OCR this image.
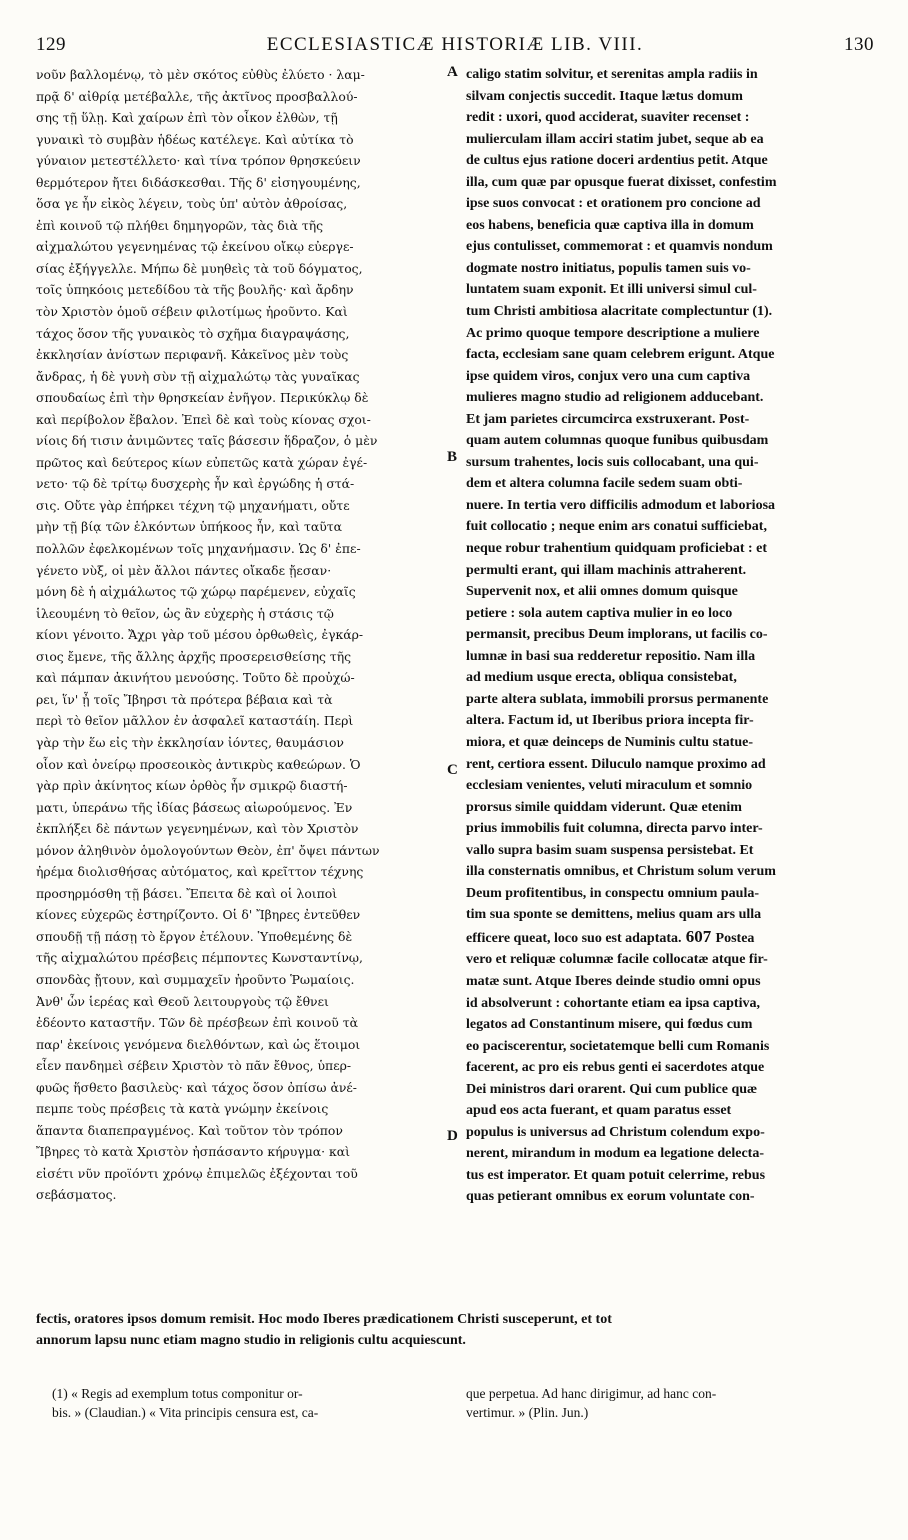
129	ECCLESIASTICÆ HISTORIÆ LIB. VIII.	130
νοῦν βαλλομένῳ, τὸ μὲν σκότος εὐθὺς ἐλύετο · λαμ-
πρᾷ δ' αἰθρίᾳ μετέβαλλε, τῆς ἀκτῖνος προσβαλλού-
σης τῇ ὕλῃ. Καὶ χαίρων ἐπὶ τὸν οἶκον ἐλθὼν, τῇ
γυναικὶ τὸ συμβὰν ἡδέως κατέλεγε. Καὶ αὐτίκα τὸ
γύναιον μετεστέλλετο· καὶ τίνα τρόπον θρησκεύειν
θερμότερον ἤτει διδάσκεσθαι. Τῆς δ' εἰσηγουμένης,
ὅσα γε ἦν εἰκὸς λέγειν, τοὺς ὑπ' αὐτὸν ἀθροίσας,
ἐπὶ κοινοῦ τῷ πλήθει δημηγορῶν, τὰς διὰ τῆς
αἰχμαλώτου γεγενημένας τῷ ἐκείνου οἴκῳ εὐεργε-
σίας ἐξήγγελλε. Μήπω δὲ μυηθεὶς τὰ τοῦ δόγματος,
τοῖς ὑπηκόοις μετεδίδου τὰ τῆς βουλῆς· καὶ ἄρδην
τὸν Χριστὸν ὁμοῦ σέβειν φιλοτίμως ἡροῦντο. Καὶ
τάχος ὅσον τῆς γυναικὸς τὸ σχῆμα διαγραψάσης,
ἐκκλησίαν ἀνίστων περιφανῆ. Κἀκεῖνος μὲν τοὺς
ἄνδρας, ἡ δὲ γυνὴ σὺν τῇ αἰχμαλώτῳ τὰς γυναῖκας
σπουδαίως ἐπὶ τὴν θρησκείαν ἐνῆγον. Περικύκλῳ δὲ
καὶ περίβολον ἔβαλον. Ἐπεὶ δὲ καὶ τοὺς κίονας σχοι-
νίοις δή τισιν ἀνιμῶντες ταῖς βάσεσιν ἥδραζον, ὁ μὲν
πρῶτος καὶ δεύτερος κίων εὐπετῶς κατὰ χώραν ἐγέ-
νετο· τῷ δὲ τρίτῳ δυσχερὴς ἦν καὶ ἐργώδης ἡ στά-
σις. Οὔτε γὰρ ἐπήρκει τέχνη τῷ μηχανήματι, οὔτε
μὴν τῇ βίᾳ τῶν ἑλκόντων ὑπήκοος ἦν, καὶ ταῦτα
πολλῶν ἐφελκομένων τοῖς μηχανήμασιν. Ὡς δ' ἐπε-
γένετο νὺξ, οἱ μὲν ἄλλοι πάντες οἴκαδε ᾔεσαν·
μόνη δὲ ἡ αἰχμάλωτος τῷ χώρῳ παρέμενεν, εὐχαῖς
ἱλεουμένη τὸ θεῖον, ὡς ἂν εὐχερὴς ἡ στάσις τῷ
κίονι γένοιτο. Ἄχρι γὰρ τοῦ μέσου ὀρθωθεὶς, ἐγκάρ-
σιος ἔμενε, τῆς ἄλλης ἀρχῆς προσερεισθείσης τῆς
καὶ πάμπαν ἀκινήτου μενούσης. Τοῦτο δὲ προὐχώ-
ρει, ἵν' ᾖ τοῖς Ἴβηρσι τὰ πρότερα βέβαια καὶ τὰ
περὶ τὸ θεῖον μᾶλλον ἐν ἀσφαλεῖ καταστάίη. Περὶ
γὰρ τὴν ἕω εἰς τὴν ἐκκλησίαν ἰόντες, θαυμάσιον
οἷον καὶ ὀνείρῳ προσεοικὸς ἀντικρὺς καθεώρων. Ὁ
γὰρ πρὶν ἀκίνητος κίων ὀρθὸς ἦν σμικρῷ διαστή-
ματι, ὑπεράνω τῆς ἰδίας βάσεως αἰωρούμενος. Ἐν
ἐκπλήξει δὲ πάντων γεγενημένων, καὶ τὸν Χριστὸν
μόνον ἀληθινὸν ὁμολογούντων Θεὸν, ἐπ' ὄψει πάντων
ἠρέμα διολισθήσας αὐτόματος, καὶ κρεῖττον τέχνης
προσηρμόσθη τῇ βάσει. Ἔπειτα δὲ καὶ οἱ λοιποὶ
κίονες εὐχερῶς ἐστηρίζοντο. Οἱ δ' Ἴβηρες ἐντεῦθεν
σπουδῇ τῇ πάσῃ τὸ ἔργον ἐτέλουν. Ὑποθεμένης δὲ
τῆς αἰχμαλώτου πρέσβεις πέμποντες Κωνσταντίνῳ,
σπονδὰς ᾔτουν, καὶ συμμαχεῖν ἠροῦντο Ῥωμαίοις.
Ἀνθ' ὧν ἱερέας καὶ Θεοῦ λειτουργοὺς τῷ ἔθνει
ἐδέοντο καταστῆν. Τῶν δὲ πρέσβεων ἐπὶ κοινοῦ τὰ
παρ' ἐκείνοις γενόμενα διελθόντων, καὶ ὡς ἕτοιμοι
εἶεν πανδημεὶ σέβειν Χριστὸν τὸ πᾶν ἔθνος, ὑπερ-
φυῶς ἥσθετο βασιλεὺς· καὶ τάχος ὅσον ὀπίσω ἀνέ-
πεμπε τοὺς πρέσβεις τὰ κατὰ γνώμην ἐκείνοις
ἅπαντα διαπεπραγμένος. Καὶ τοῦτον τὸν τρόπον
Ἴβηρες τὸ κατὰ Χριστὸν ἠσπάσαντο κήρυγμα· καὶ
εἰσέτι νῦν προϊόντι χρόνῳ ἐπιμελῶς ἐξέχονται τοῦ
σεβάσματος.
caligo statim solvitur, et serenitas ampla radiis in
silvam conjectis succedit. Itaque lætus domum
redit : uxori, quod acciderat, suaviter recenset :
mulierculam illam acciri statim jubet, seque ab ea
de cultus ejus ratione doceri ardentius petit. Atque
illa, cum quæ par opusque fuerat dixisset, confestim
ipse suos convocat : et orationem pro concione ad
eos habens, beneficia quæ captiva illa in domum
ejus contulisset, commemorat : et quamvis nondum
dogmate nostro initiatus, populis tamen suis vo-
luntatem suam exponit. Et illi universi simul cul-
tum Christi ambitiosa alacritate complectuntur (1).
Ac primo quoque tempore descriptione a muliere
facta, ecclesiam sane quam celebrem erigunt. Atque
ipse quidem viros, conjux vero una cum captiva
mulieres magno studio ad religionem adducebant.
Et jam parietes circumcirca exstruxerant. Post-
quam autem columnas quoque funibus quibusdam
sursum trahentes, locis suis collocabant, una qui-
dem et altera columna facile sedem suam obti-
nuere. In tertia vero difficilis admodum et laboriosa
fuit collocatio ; neque enim ars conatui sufficiebat,
neque robur trahentium quidquam proficiebat : et
permulti erant, qui illam machinis attraherent.
Supervenit nox, et alii omnes domum quisque
petiere : sola autem captiva mulier in eo loco
permansit, precibus Deum implorans, ut facilis co-
lumnæ in basi sua redderetur repositio. Nam illa
ad medium usque erecta, obliqua consistebat,
parte altera sublata, immobili prorsus permanente
altera. Factum id, ut Iberibus priora incepta fir-
miora, et quæ deinceps de Numinis cultu statue-
rent, certiora essent. Diluculo namque proximo ad
ecclesiam venientes, veluti miraculum et somnio
prorsus simile quiddam viderunt. Quæ etenim
prius immobilis fuit columna, directa parvo inter-
vallo supra basim suam suspensa persistebat. Et
illa consternatis omnibus, et Christum solum verum
Deum profitentibus, in conspectu omnium paula-
tim sua sponte se demittens, melius quam ars ulla
efficere queat, loco suo est adaptata. 607 Postea
vero et reliquæ columnæ facile collocatæ atque fir-
matæ sunt. Atque Iberes deinde studio omni opus
id absolverunt : cohortante etiam ea ipsa captiva,
legatos ad Constantinum misere, qui fœdus cum
eo paciscerentur, societatemque belli cum Romanis
facerent, ac pro eis rebus genti ei sacerdotes atque
Dei ministros dari orarent. Qui cum publice quæ
apud eos acta fuerant, et quam paratus esset
populus is universus ad Christum colendum expo-
nerent, mirandum in modum ea legatione delecta-
tus est imperator. Et quam potuit celerrime, rebus
quas petierant omnibus ex eorum voluntate con-
A
B
C
D
fectis, oratores ipsos domum remisit. Hoc modo Iberes prædicationem Christi susceperunt, et tot
annorum lapsu nunc etiam magno studio in religionis cultu acquiescunt.
(1) « Regis ad exemplum totus componitur or-
bis. » (Claudian.) « Vita principis censura est, ca-
que perpetua. Ad hanc dirigimur, ad hanc con-
vertimur. » (Plin. Jun.)
